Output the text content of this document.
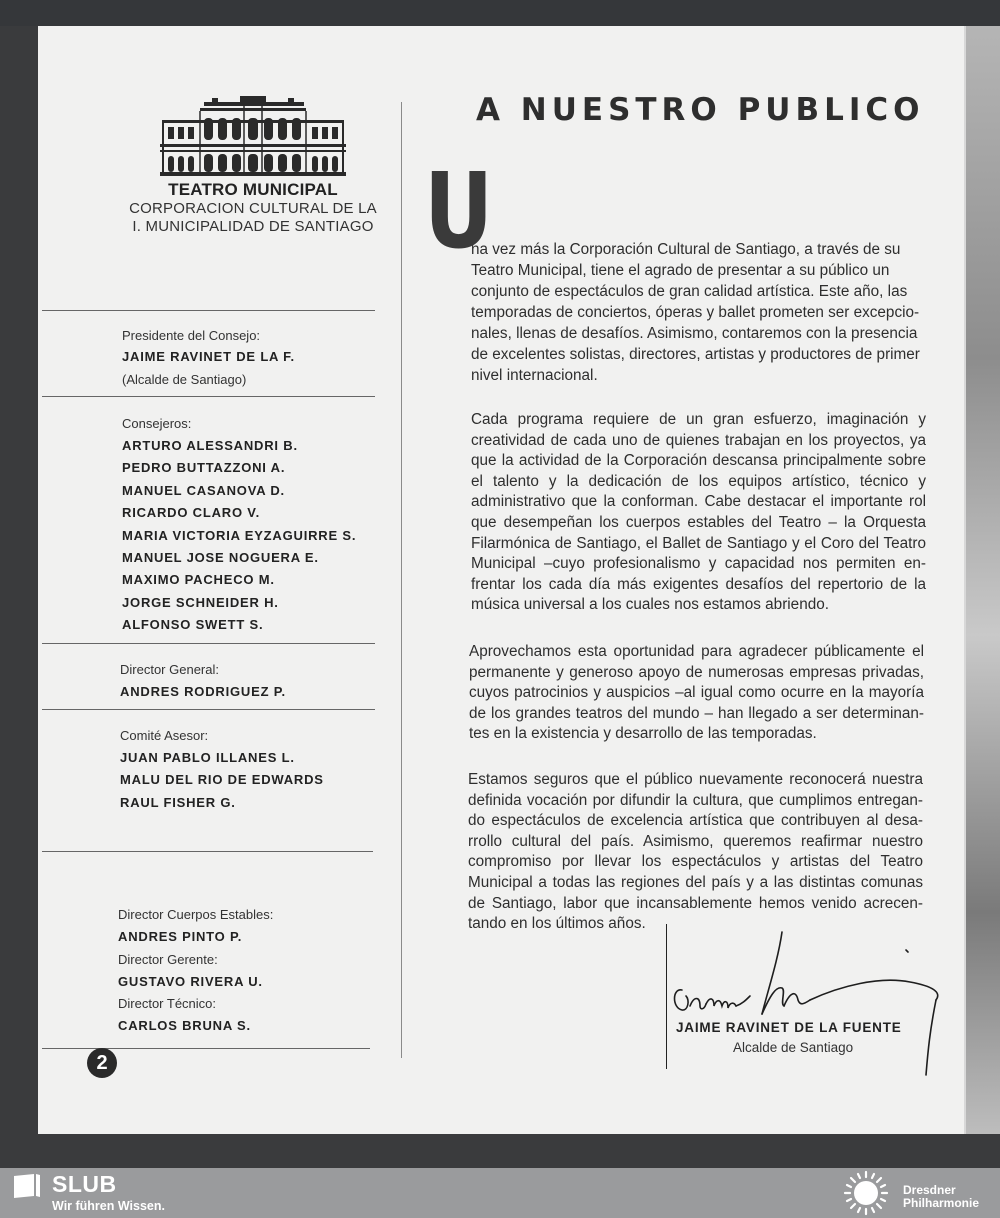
TEATRO MUNICIPAL
CORPORACION CULTURAL DE LA
I. MUNICIPALIDAD DE SANTIAGO
Presidente del Consejo:
JAIME RAVINET DE LA F.
(Alcalde de Santiago)
Consejeros:
ARTURO ALESSANDRI B.
PEDRO BUTTAZZONI A.
MANUEL CASANOVA D.
RICARDO CLARO V.
MARIA VICTORIA EYZAGUIRRE S.
MANUEL JOSE NOGUERA E.
MAXIMO PACHECO M.
JORGE SCHNEIDER H.
ALFONSO SWETT S.
Director General:
ANDRES RODRIGUEZ P.
Comité Asesor:
JUAN PABLO ILLANES L.
MALU DEL RIO DE EDWARDS
RAUL FISHER G.
Director Cuerpos Estables:
ANDRES PINTO P.
Director Gerente:
GUSTAVO RIVERA U.
Director Técnico:
CARLOS BRUNA S.
2
A NUESTRO PUBLICO
U
na vez más la Corporación Cultural de Santiago, a través de su
Teatro Municipal, tiene el agrado de presentar a su público un
conjunto de espectáculos de gran calidad artística. Este año, las
temporadas de conciertos, óperas y ballet prometen ser excepcio-
nales, llenas de desafíos. Asimismo, contaremos con la presencia
de excelentes solistas, directores, artistas y productores de primer
nivel internacional.

Cada programa requiere de un gran esfuerzo, imaginación y creatividad de cada uno de quienes trabajan en los proyectos, ya que la actividad de la Corporación descansa principalmente sobre el talento y la dedicación de los equipos artístico, técnico y administrativo que la conforman. Cabe destacar el importante rol que desempeñan los cuerpos estables del Teatro – la Orquesta Filarmónica de Santiago, el Ballet de Santiago y el Coro del Teatro Municipal –cuyo profesionalismo y capacidad nos permiten en-frentar los cada día más exigentes desafíos del repertorio de la música universal a los cuales nos estamos abriendo.

Aprovechamos esta oportunidad para agradecer públicamente el permanente y generoso apoyo de numerosas empresas privadas, cuyos patrocinios y auspicios –al igual como ocurre en la mayoría de los grandes teatros del mundo – han llegado a ser determinan-tes en la existencia y desarrollo de las temporadas.

Estamos seguros que el público nuevamente reconocerá nuestra definida vocación por difundir la cultura, que cumplimos entregan-do espectáculos de excelencia artística que contribuyen al desa-rrollo cultural del país. Asimismo, queremos reafirmar nuestro compromiso por llevar los espectáculos y artistas del Teatro Municipal a todas las regiones del país y a las distintas comunas de Santiago, labor que incansablemente hemos venido acrecen-tando en los últimos años.

JAIME RAVINET DE LA FUENTE
Alcalde de Santiago
SLUB
Wir führen Wissen.
Dresdner
Philharmonie
